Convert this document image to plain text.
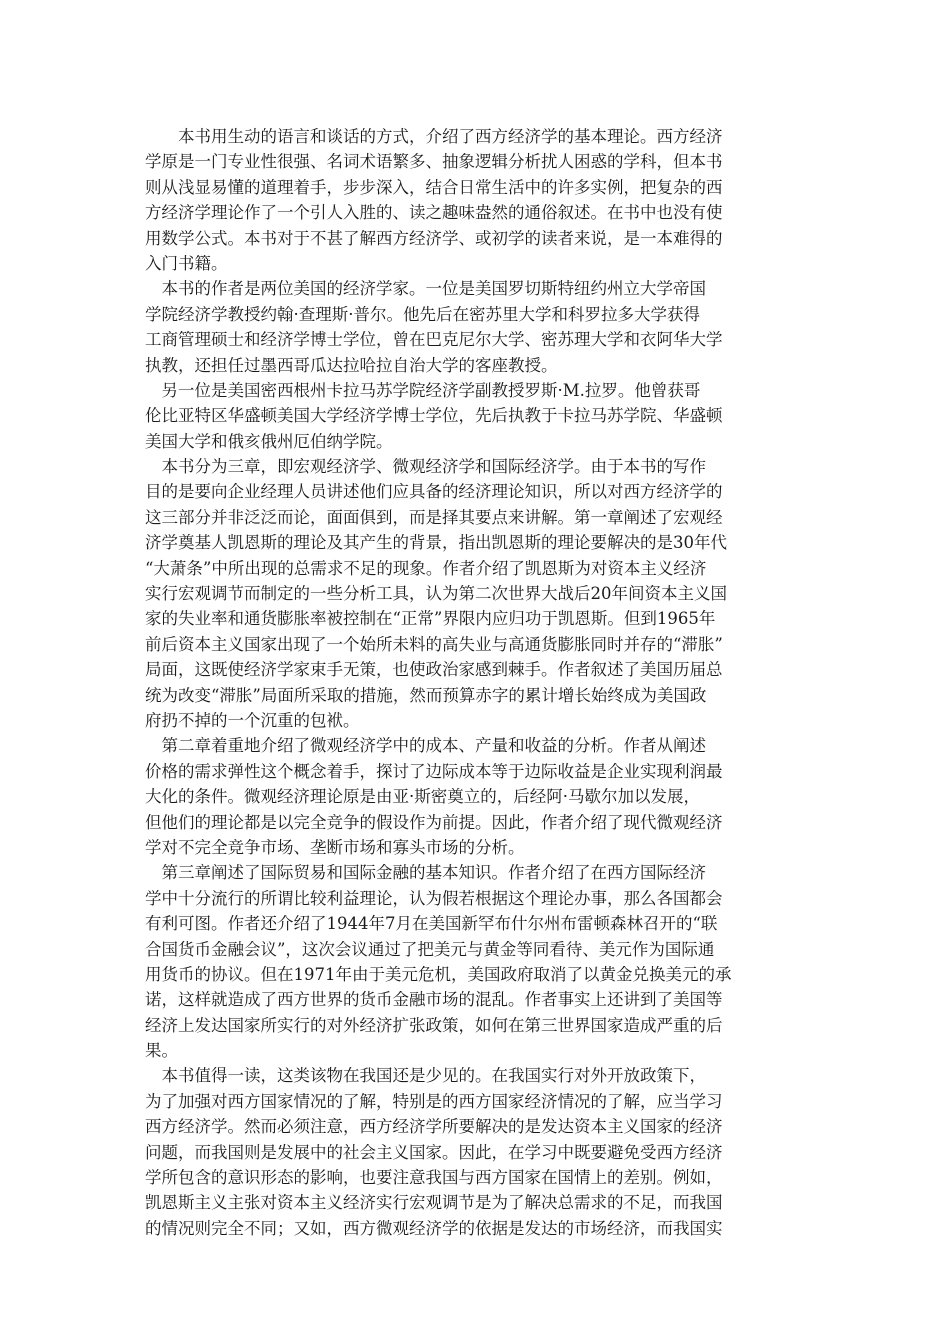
　　本书用生动的语言和谈话的方式，介绍了西方经济学的基本理论。西方经济
学原是一门专业性很强、名词术语繁多、抽象逻辑分析扰人困惑的学科，但本书
则从浅显易懂的道理着手，步步深入，结合日常生活中的许多实例，把复杂的西
方经济学理论作了一个引人入胜的、读之趣味盎然的通俗叙述。在书中也没有使
用数学公式。本书对于不甚了解西方经济学、或初学的读者来说，是一本难得的
入门书籍。
　本书的作者是两位美国的经济学家。一位是美国罗切斯特纽约州立大学帝国
学院经济学教授约翰·查理斯·普尔。他先后在密苏里大学和科罗拉多大学获得
工商管理硕士和经济学博士学位，曾在巴克尼尔大学、密苏理大学和衣阿华大学
执教，还担任过墨西哥瓜达拉哈拉自治大学的客座教授。
　另一位是美国密西根州卡拉马苏学院经济学副教授罗斯·M.拉罗。他曾获哥
伦比亚特区华盛顿美国大学经济学博士学位，先后执教于卡拉马苏学院、华盛顿
美国大学和俄亥俄州厄伯纳学院。
　本书分为三章，即宏观经济学、微观经济学和国际经济学。由于本书的写作
目的是要向企业经理人员讲述他们应具备的经济理论知识，所以对西方经济学的
这三部分并非泛泛而论，面面俱到，而是择其要点来讲解。第一章阐述了宏观经
济学奠基人凯恩斯的理论及其产生的背景，指出凯恩斯的理论要解决的是30年代
“大萧条”中所出现的总需求不足的现象。作者介绍了凯恩斯为对资本主义经济
实行宏观调节而制定的一些分析工具，认为第二次世界大战后20年间资本主义国
家的失业率和通货膨胀率被控制在“正常”界限内应归功于凯恩斯。但到1965年
前后资本主义国家出现了一个始所未料的高失业与高通货膨胀同时并存的“滞胀”
局面，这既使经济学家束手无策，也使政治家感到棘手。作者叙述了美国历届总
统为改变“滞胀”局面所采取的措施，然而预算赤字的累计增长始终成为美国政
府扔不掉的一个沉重的包袱。
　第二章着重地介绍了微观经济学中的成本、产量和收益的分析。作者从阐述
价格的需求弹性这个概念着手，探讨了边际成本等于边际收益是企业实现利润最
大化的条件。微观经济理论原是由亚·斯密奠立的，后经阿·马歇尔加以发展，
但他们的理论都是以完全竞争的假设作为前提。因此，作者介绍了现代微观经济
学对不完全竞争市场、垄断市场和寡头市场的分析。
　第三章阐述了国际贸易和国际金融的基本知识。作者介绍了在西方国际经济
学中十分流行的所谓比较利益理论，认为假若根据这个理论办事，那么各国都会
有利可图。作者还介绍了1944年7月在美国新罕布什尔州布雷顿森林召开的“联
合国货币金融会议”，这次会议通过了把美元与黄金等同看待、美元作为国际通
用货币的协议。但在1971年由于美元危机，美国政府取消了以黄金兑换美元的承
诺，这样就造成了西方世界的货币金融市场的混乱。作者事实上还讲到了美国等
经济上发达国家所实行的对外经济扩张政策，如何在第三世界国家造成严重的后
果。
　本书值得一读，这类该物在我国还是少见的。在我国实行对外开放政策下，
为了加强对西方国家情况的了解，特别是的西方国家经济情况的了解，应当学习
西方经济学。然而必须注意，西方经济学所要解决的是发达资本主义国家的经济
问题，而我国则是发展中的社会主义国家。因此，在学习中既要避免受西方经济
学所包含的意识形态的影响，也要注意我国与西方国家在国情上的差别。例如，
凯恩斯主义主张对资本主义经济实行宏观调节是为了解决总需求的不足，而我国
的情况则完全不同；又如，西方微观经济学的依据是发达的市场经济，而我国实
